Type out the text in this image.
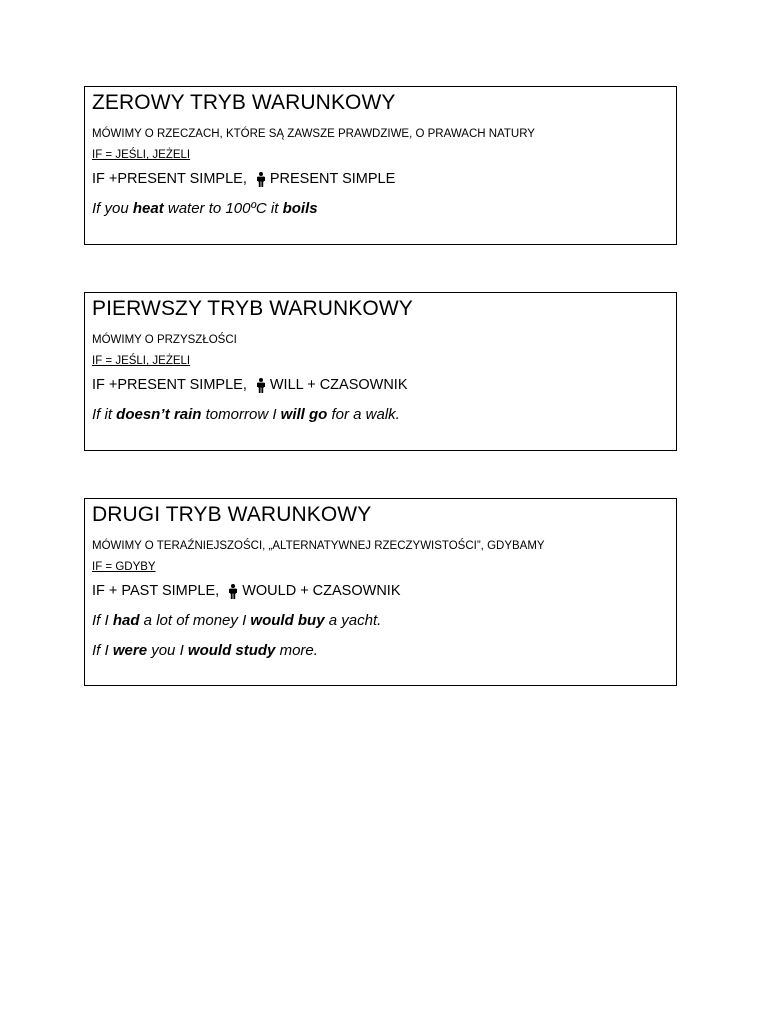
ZEROWY TRYB WARUNKOWY
MÓWIMY O RZECZACH, KTÓRE SĄ ZAWSZE PRAWDZIWE, O PRAWACH NATURY
IF = JEŚLI, JEŻELI
IF +PRESENT SIMPLE, PRESENT SIMPLE
If you heat water to 100ºC it boils
PIERWSZY TRYB WARUNKOWY
MÓWIMY O PRZYSZŁOŚCI
IF = JEŚLI, JEŻELI
IF +PRESENT SIMPLE, WILL + CZASOWNIK
If it doesn’t rain tomorrow I will go for a walk.
DRUGI TRYB WARUNKOWY
MÓWIMY O TERAŹNIEJSZOŚCI, „ALTERNATYWNEJ RZECZYWISTOŚCI”, GDYBAMY
IF = GDYBY
IF + PAST SIMPLE, WOULD + CZASOWNIK
If I had a lot of money I would buy a yacht.
If I were you I would study more.
